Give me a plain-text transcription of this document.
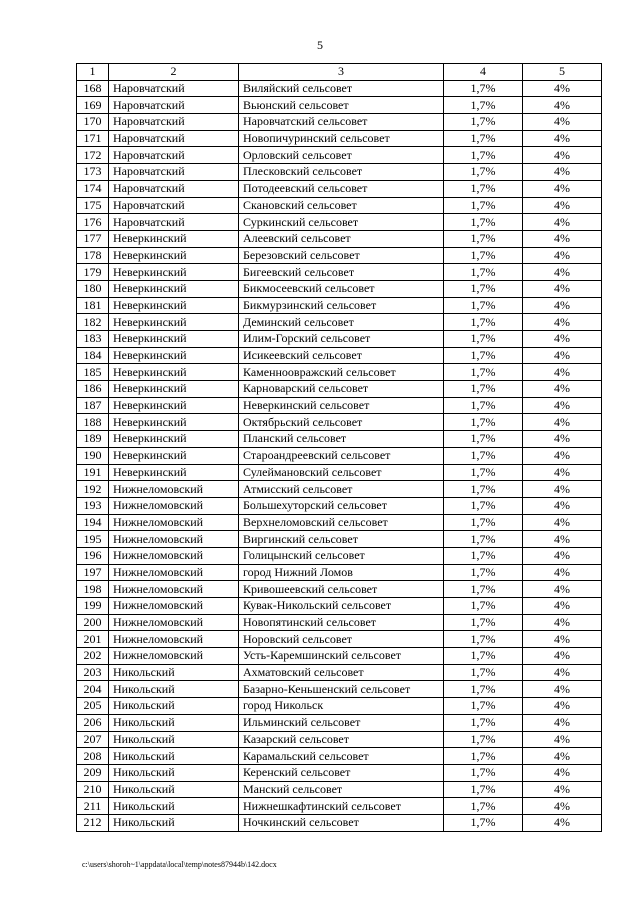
5
1	2	3	4	5
168	Наровчатский	Виляйский сельсовет	1,7%	4%
169	Наровчатский	Вьюнский сельсовет	1,7%	4%
170	Наровчатский	Наровчатский сельсовет	1,7%	4%
171	Наровчатский	Новопичуринский сельсовет	1,7%	4%
172	Наровчатский	Орловский сельсовет	1,7%	4%
173	Наровчатский	Плесковский сельсовет	1,7%	4%
174	Наровчатский	Потодеевский сельсовет	1,7%	4%
175	Наровчатский	Скановский сельсовет	1,7%	4%
176	Наровчатский	Суркинский сельсовет	1,7%	4%
177	Неверкинский	Алеевский сельсовет	1,7%	4%
178	Неверкинский	Березовский сельсовет	1,7%	4%
179	Неверкинский	Бигеевский сельсовет	1,7%	4%
180	Неверкинский	Бикмосеевский сельсовет	1,7%	4%
181	Неверкинский	Бикмурзинский сельсовет	1,7%	4%
182	Неверкинский	Деминский сельсовет	1,7%	4%
183	Неверкинский	Илим-Горский сельсовет	1,7%	4%
184	Неверкинский	Исикеевский сельсовет	1,7%	4%
185	Неверкинский	Каменноовражский сельсовет	1,7%	4%
186	Неверкинский	Карноварский сельсовет	1,7%	4%
187	Неверкинский	Неверкинский сельсовет	1,7%	4%
188	Неверкинский	Октябрьский сельсовет	1,7%	4%
189	Неверкинский	Планский сельсовет	1,7%	4%
190	Неверкинский	Староандреевский сельсовет	1,7%	4%
191	Неверкинский	Сулеймановский сельсовет	1,7%	4%
192	Нижнеломовский	Атмисский сельсовет	1,7%	4%
193	Нижнеломовский	Большехуторский сельсовет	1,7%	4%
194	Нижнеломовский	Верхнеломовский сельсовет	1,7%	4%
195	Нижнеломовский	Виргинский сельсовет	1,7%	4%
196	Нижнеломовский	Голицынский сельсовет	1,7%	4%
197	Нижнеломовский	город Нижний Ломов	1,7%	4%
198	Нижнеломовский	Кривошеевский сельсовет	1,7%	4%
199	Нижнеломовский	Кувак-Никольский сельсовет	1,7%	4%
200	Нижнеломовский	Новопятинский сельсовет	1,7%	4%
201	Нижнеломовский	Норовский сельсовет	1,7%	4%
202	Нижнеломовский	Усть-Каремшинский сельсовет	1,7%	4%
203	Никольский	Ахматовский сельсовет	1,7%	4%
204	Никольский	Базарно-Кеньшенский сельсовет	1,7%	4%
205	Никольский	город Никольск	1,7%	4%
206	Никольский	Ильминский сельсовет	1,7%	4%
207	Никольский	Казарский сельсовет	1,7%	4%
208	Никольский	Карамальский сельсовет	1,7%	4%
209	Никольский	Керенский сельсовет	1,7%	4%
210	Никольский	Манский сельсовет	1,7%	4%
211	Никольский	Нижнешкафтинский сельсовет	1,7%	4%
212	Никольский	Ночкинский сельсовет	1,7%	4%
c:\users\shoroh~1\appdata\local\temp\notes87944b\142.docx
